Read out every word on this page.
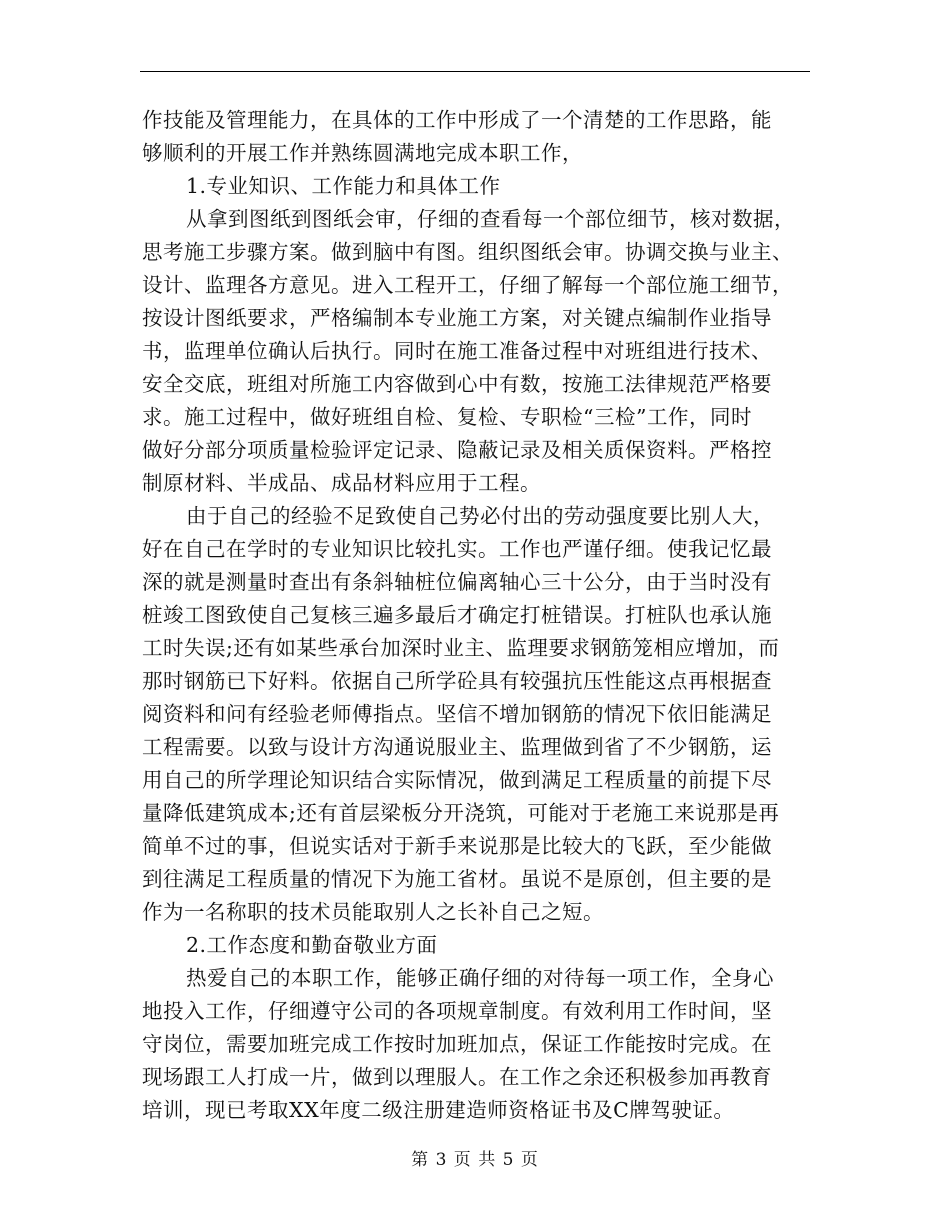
作技能及管理能力，在具体的工作中形成了一个清楚的工作思路，能
够顺利的开展工作并熟练圆满地完成本职工作，
1.专业知识、工作能力和具体工作
从拿到图纸到图纸会审，仔细的查看每一个部位细节，核对数据，
思考施工步骤方案。做到脑中有图。组织图纸会审。协调交换与业主、
设计、监理各方意见。进入工程开工，仔细了解每一个部位施工细节，
按设计图纸要求，严格编制本专业施工方案，对关键点编制作业指导
书，监理单位确认后执行。同时在施工准备过程中对班组进行技术、
安全交底，班组对所施工内容做到心中有数，按施工法律规范严格要
求。施工过程中，做好班组自检、复检、专职检“三检”工作，同时
做好分部分项质量检验评定记录、隐蔽记录及相关质保资料。严格控
制原材料、半成品、成品材料应用于工程。
由于自己的经验不足致使自己势必付出的劳动强度要比别人大，
好在自己在学时的专业知识比较扎实。工作也严谨仔细。使我记忆最
深的就是测量时查出有条斜轴桩位偏离轴心三十公分，由于当时没有
桩竣工图致使自己复核三遍多最后才确定打桩错误。打桩队也承认施
工时失误;还有如某些承台加深时业主、监理要求钢筋笼相应增加，而
那时钢筋已下好料。依据自己所学砼具有较强抗压性能这点再根据查
阅资料和问有经验老师傅指点。坚信不增加钢筋的情况下依旧能满足
工程需要。以致与设计方沟通说服业主、监理做到省了不少钢筋，运
用自己的所学理论知识结合实际情况，做到满足工程质量的前提下尽
量降低建筑成本;还有首层梁板分开浇筑，可能对于老施工来说那是再
简单不过的事，但说实话对于新手来说那是比较大的飞跃，至少能做
到往满足工程质量的情况下为施工省材。虽说不是原创，但主要的是
作为一名称职的技术员能取别人之长补自己之短。
2.工作态度和勤奋敬业方面
热爱自己的本职工作，能够正确仔细的对待每一项工作，全身心
地投入工作，仔细遵守公司的各项规章制度。有效利用工作时间，坚
守岗位，需要加班完成工作按时加班加点，保证工作能按时完成。在
现场跟工人打成一片，做到以理服人。在工作之余还积极参加再教育
培训，现已考取XX年度二级注册建造师资格证书及C牌驾驶证。
第 3 页 共 5 页
